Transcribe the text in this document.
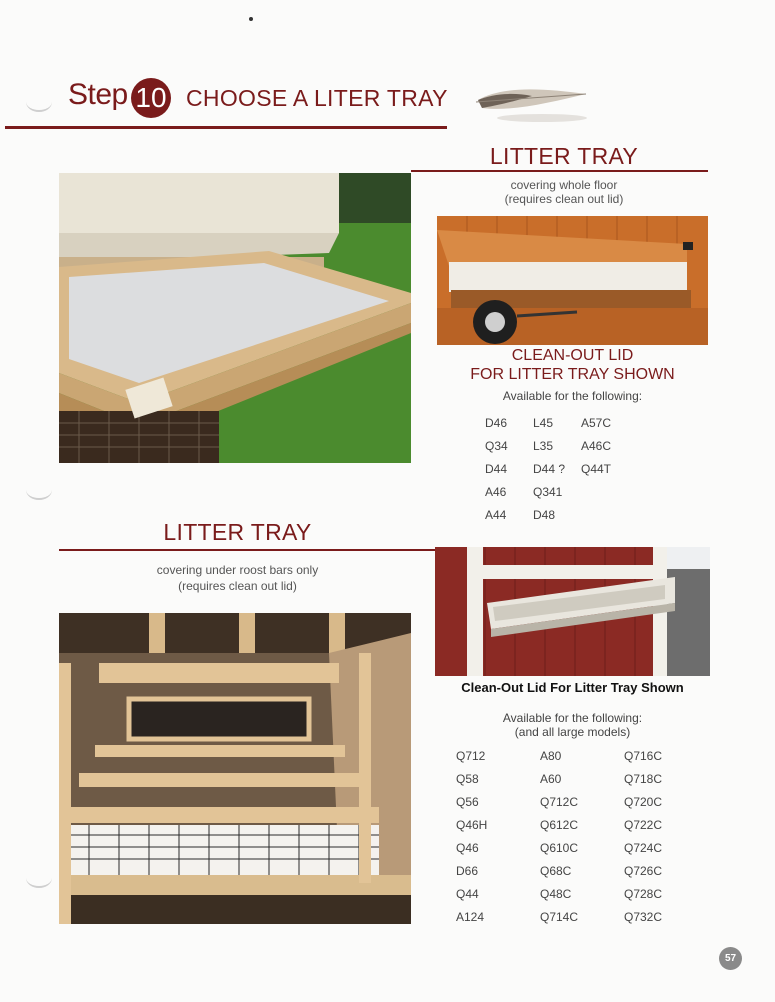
Step 10 CHOOSE A LITER TRAY
LITTER TRAY
covering whole floor
(requires clean out lid)
CLEAN-OUT LID
FOR LITTER TRAY SHOWN
Available for the following:
D46	L45	A57C
Q34	L35	A46C
D44	D44 ?	Q44T
A46	Q341
A44	D48
LITTER TRAY
covering under roost bars only
(requires clean out lid)
Clean-Out Lid For Litter Tray Shown
Available for the following:
(and all large models)
Q712	A80	Q716C
Q58	A60	Q718C
Q56	Q712C	Q720C
Q46H	Q612C	Q722C
Q46	Q610C	Q724C
D66	Q68C	Q726C
Q44	Q48C	Q728C
A124	Q714C	Q732C
57
